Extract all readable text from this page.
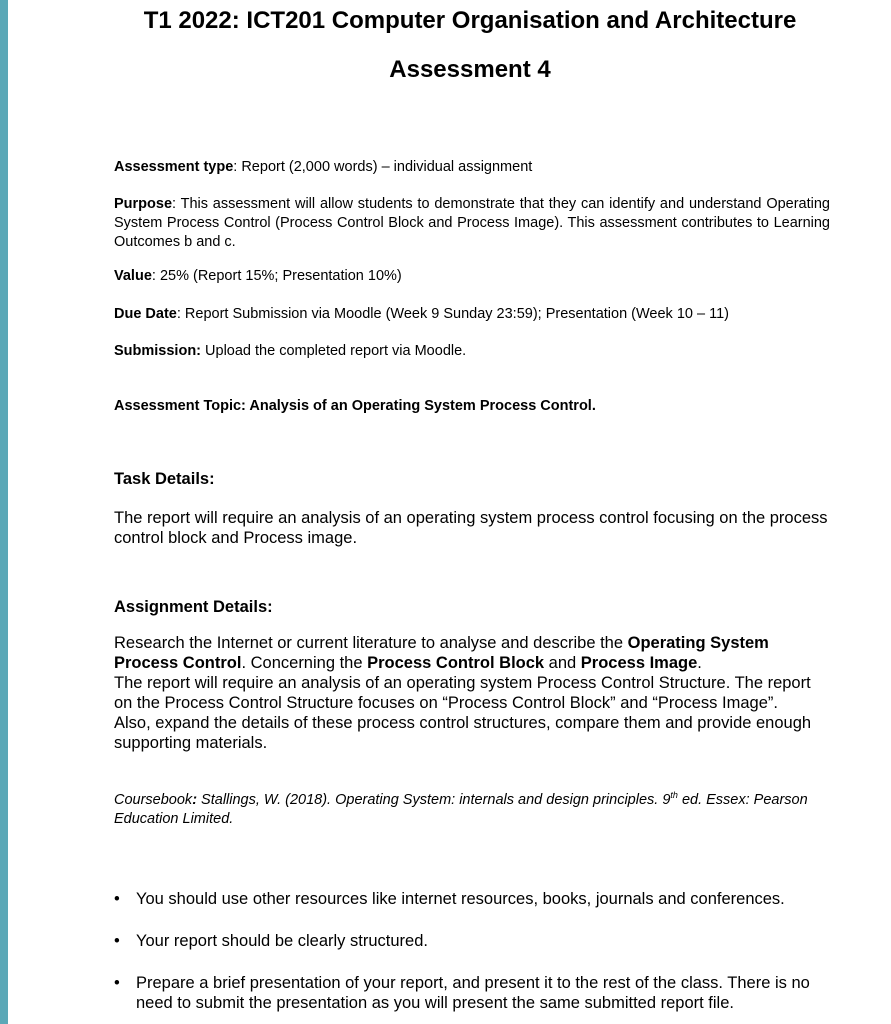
T1 2022: ICT201 Computer Organisation and Architecture
Assessment 4

Assessment type: Report (2,000 words) – individual assignment

Purpose: This assessment will allow students to demonstrate that they can identify and understand Operating System Process Control (Process Control Block and Process Image). This assessment contributes to Learning Outcomes b and c.

Value: 25% (Report 15%; Presentation 10%)

Due Date: Report Submission via Moodle (Week 9 Sunday 23:59); Presentation (Week 10 – 11)

Submission: Upload the completed report via Moodle.

Assessment Topic: Analysis of an Operating System Process Control.

Task Details:

The report will require an analysis of an operating system process control focusing on the process control block and Process image.

Assignment Details:

Research the Internet or current literature to analyse and describe the Operating System Process Control. Concerning the Process Control Block and Process Image.
The report will require an analysis of an operating system Process Control Structure. The report on the Process Control Structure focuses on “Process Control Block” and “Process Image”.
Also, expand the details of these process control structures, compare them and provide enough supporting materials.

Coursebook: Stallings, W. (2018). Operating System: internals and design principles. 9th ed. Essex: Pearson Education Limited.

• You should use other resources like internet resources, books, journals and conferences.
• Your report should be clearly structured.
• Prepare a brief presentation of your report, and present it to the rest of the class. There is no need to submit the presentation as you will present the same submitted report file.
